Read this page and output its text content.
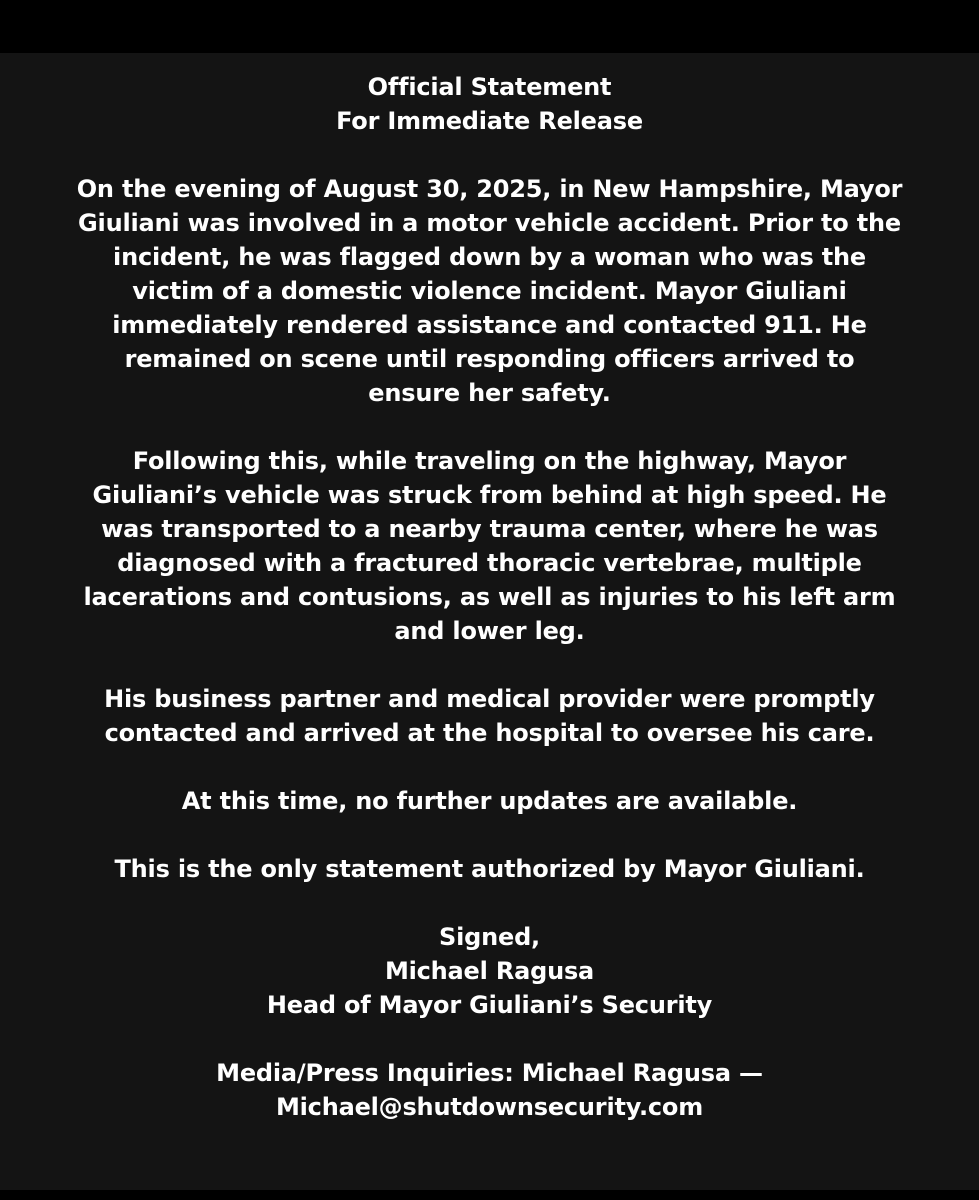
Official Statement
For Immediate Release
On the evening of August 30, 2025, in New Hampshire, Mayor
Giuliani was involved in a motor vehicle accident. Prior to the
incident, he was flagged down by a woman who was the
victim of a domestic violence incident. Mayor Giuliani
immediately rendered assistance and contacted 911. He
remained on scene until responding officers arrived to
ensure her safety.
Following this, while traveling on the highway, Mayor
Giuliani’s vehicle was struck from behind at high speed. He
was transported to a nearby trauma center, where he was
diagnosed with a fractured thoracic vertebrae, multiple
lacerations and contusions, as well as injuries to his left arm
and lower leg.
His business partner and medical provider were promptly
contacted and arrived at the hospital to oversee his care.
At this time, no further updates are available.
This is the only statement authorized by Mayor Giuliani.
Signed,
Michael Ragusa
Head of Mayor Giuliani’s Security
Media/Press Inquiries: Michael Ragusa —
Michael@shutdownsecurity.com
